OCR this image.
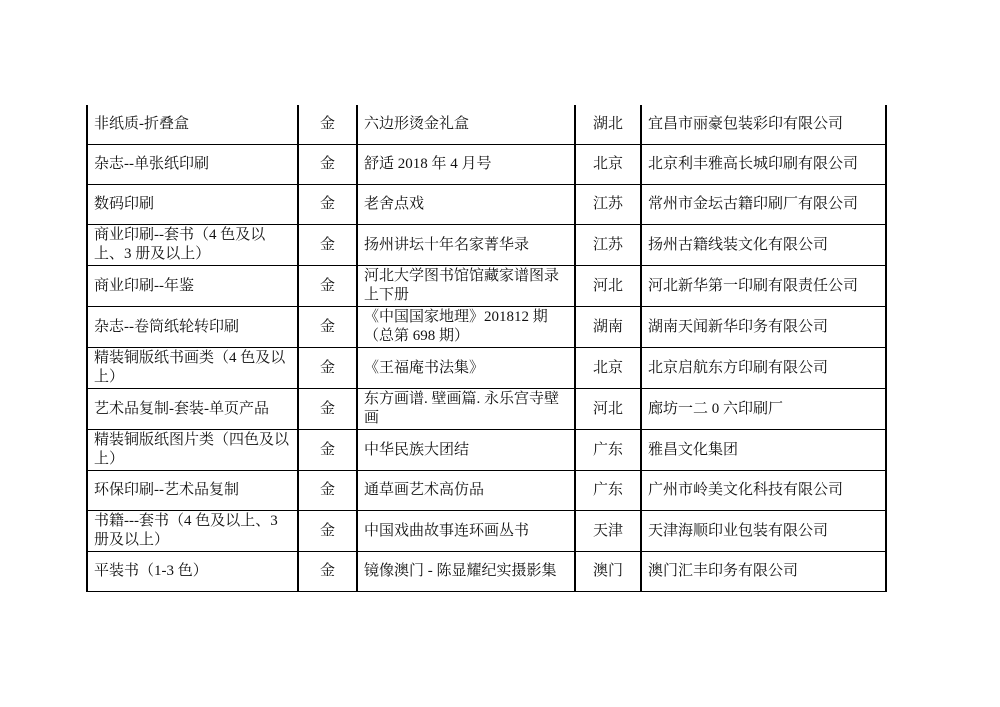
非纸质-折叠盒	金	六边形烫金礼盒	湖北	宜昌市丽豪包装彩印有限公司
杂志--单张纸印刷	金	舒适 2018 年 4 月号	北京	北京利丰雅高长城印刷有限公司
数码印刷	金	老舍点戏	江苏	常州市金坛古籍印刷厂有限公司
商业印刷--套书（4 色及以上、3 册及以上）	金	扬州讲坛十年名家菁华录	江苏	扬州古籍线装文化有限公司
商业印刷--年鉴	金	河北大学图书馆馆藏家谱图录上下册	河北	河北新华第一印刷有限责任公司
杂志--卷筒纸轮转印刷	金	《中国国家地理》201812 期（总第 698 期）	湖南	湖南天闻新华印务有限公司
精装铜版纸书画类（4 色及以上）	金	《王福庵书法集》	北京	北京启航东方印刷有限公司
艺术品复制-套装-单页产品	金	东方画谱. 壁画篇. 永乐宫寺壁画	河北	廊坊一二 0 六印刷厂
精装铜版纸图片类（四色及以上）	金	中华民族大团结	广东	雅昌文化集团
环保印刷--艺术品复制	金	通草画艺术高仿品	广东	广州市岭美文化科技有限公司
书籍---套书（4 色及以上、3 册及以上）	金	中国戏曲故事连环画丛书	天津	天津海顺印业包装有限公司
平装书（1-3 色）	金	镜像澳门 - 陈显耀纪实摄影集	澳门	澳门汇丰印务有限公司
